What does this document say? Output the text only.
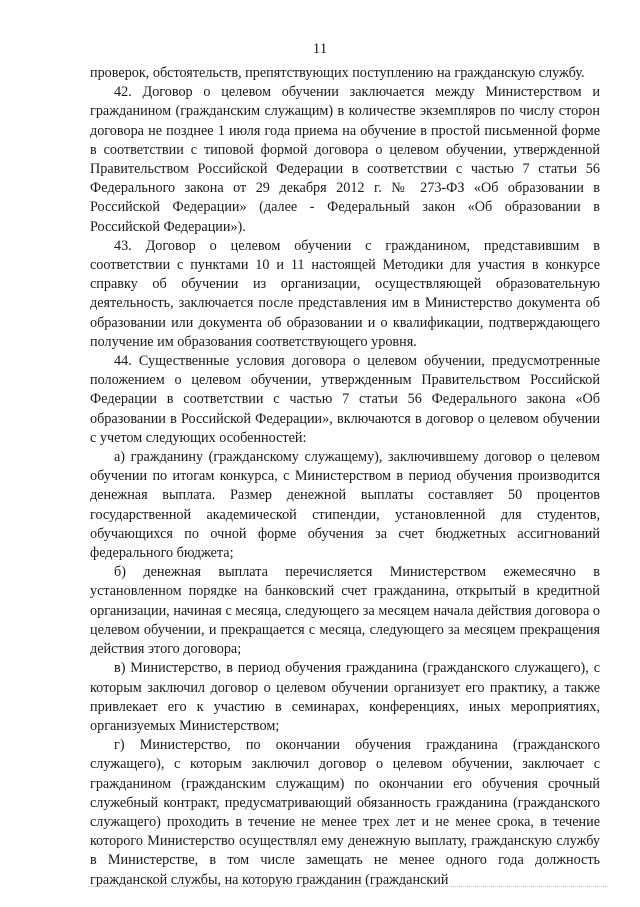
11

проверок, обстоятельств, препятствующих поступлению на гражданскую службу.

42. Договор о целевом обучении заключается между Министерством и гражданином (гражданским служащим) в количестве экземпляров по числу сторон договора не позднее 1 июля года приема на обучение в простой письменной форме в соответствии с типовой формой договора о целевом обучении, утвержденной Правительством Российской Федерации в соответствии с частью 7 статьи 56 Федерального закона от 29 декабря 2012 г. № 273-ФЗ «Об образовании в Российской Федерации» (далее - Федеральный закон «Об образовании в Российской Федерации»).

43. Договор о целевом обучении с гражданином, представившим в соответствии с пунктами 10 и 11 настоящей Методики для участия в конкурсе справку об обучении из организации, осуществляющей образовательную деятельность, заключается после представления им в Министерство документа об образовании или документа об образовании и о квалификации, подтверждающего получение им образования соответствующего уровня.

44. Существенные условия договора о целевом обучении, предусмотренные положением о целевом обучении, утвержденным Правительством Российской Федерации в соответствии с частью 7 статьи 56 Федерального закона «Об образовании в Российской Федерации», включаются в договор о целевом обучении с учетом следующих особенностей:

а) гражданину (гражданскому служащему), заключившему договор о целевом обучении по итогам конкурса, с Министерством в период обучения производится денежная выплата. Размер денежной выплаты составляет 50 процентов государственной академической стипендии, установленной для студентов, обучающихся по очной форме обучения за счет бюджетных ассигнований федерального бюджета;

б) денежная выплата перечисляется Министерством ежемесячно в установленном порядке на банковский счет гражданина, открытый в кредитной организации, начиная с месяца, следующего за месяцем начала действия договора о целевом обучении, и прекращается с месяца, следующего за месяцем прекращения действия этого договора;

в) Министерство, в период обучения гражданина (гражданского служащего), с которым заключил договор о целевом обучении организует его практику, а также привлекает его к участию в семинарах, конференциях, иных мероприятиях, организуемых Министерством;

г) Министерство, по окончании обучения гражданина (гражданского служащего), с которым заключил договор о целевом обучении, заключает с гражданином (гражданским служащим) по окончании его обучения срочный служебный контракт, предусматривающий обязанность гражданина (гражданского служащего) проходить в течение не менее трех лет и не менее срока, в течение которого Министерство осуществлял ему денежную выплату, гражданскую службу в Министерстве, в том числе замещать не менее одного года должность гражданской службы, на которую гражданин (гражданский
